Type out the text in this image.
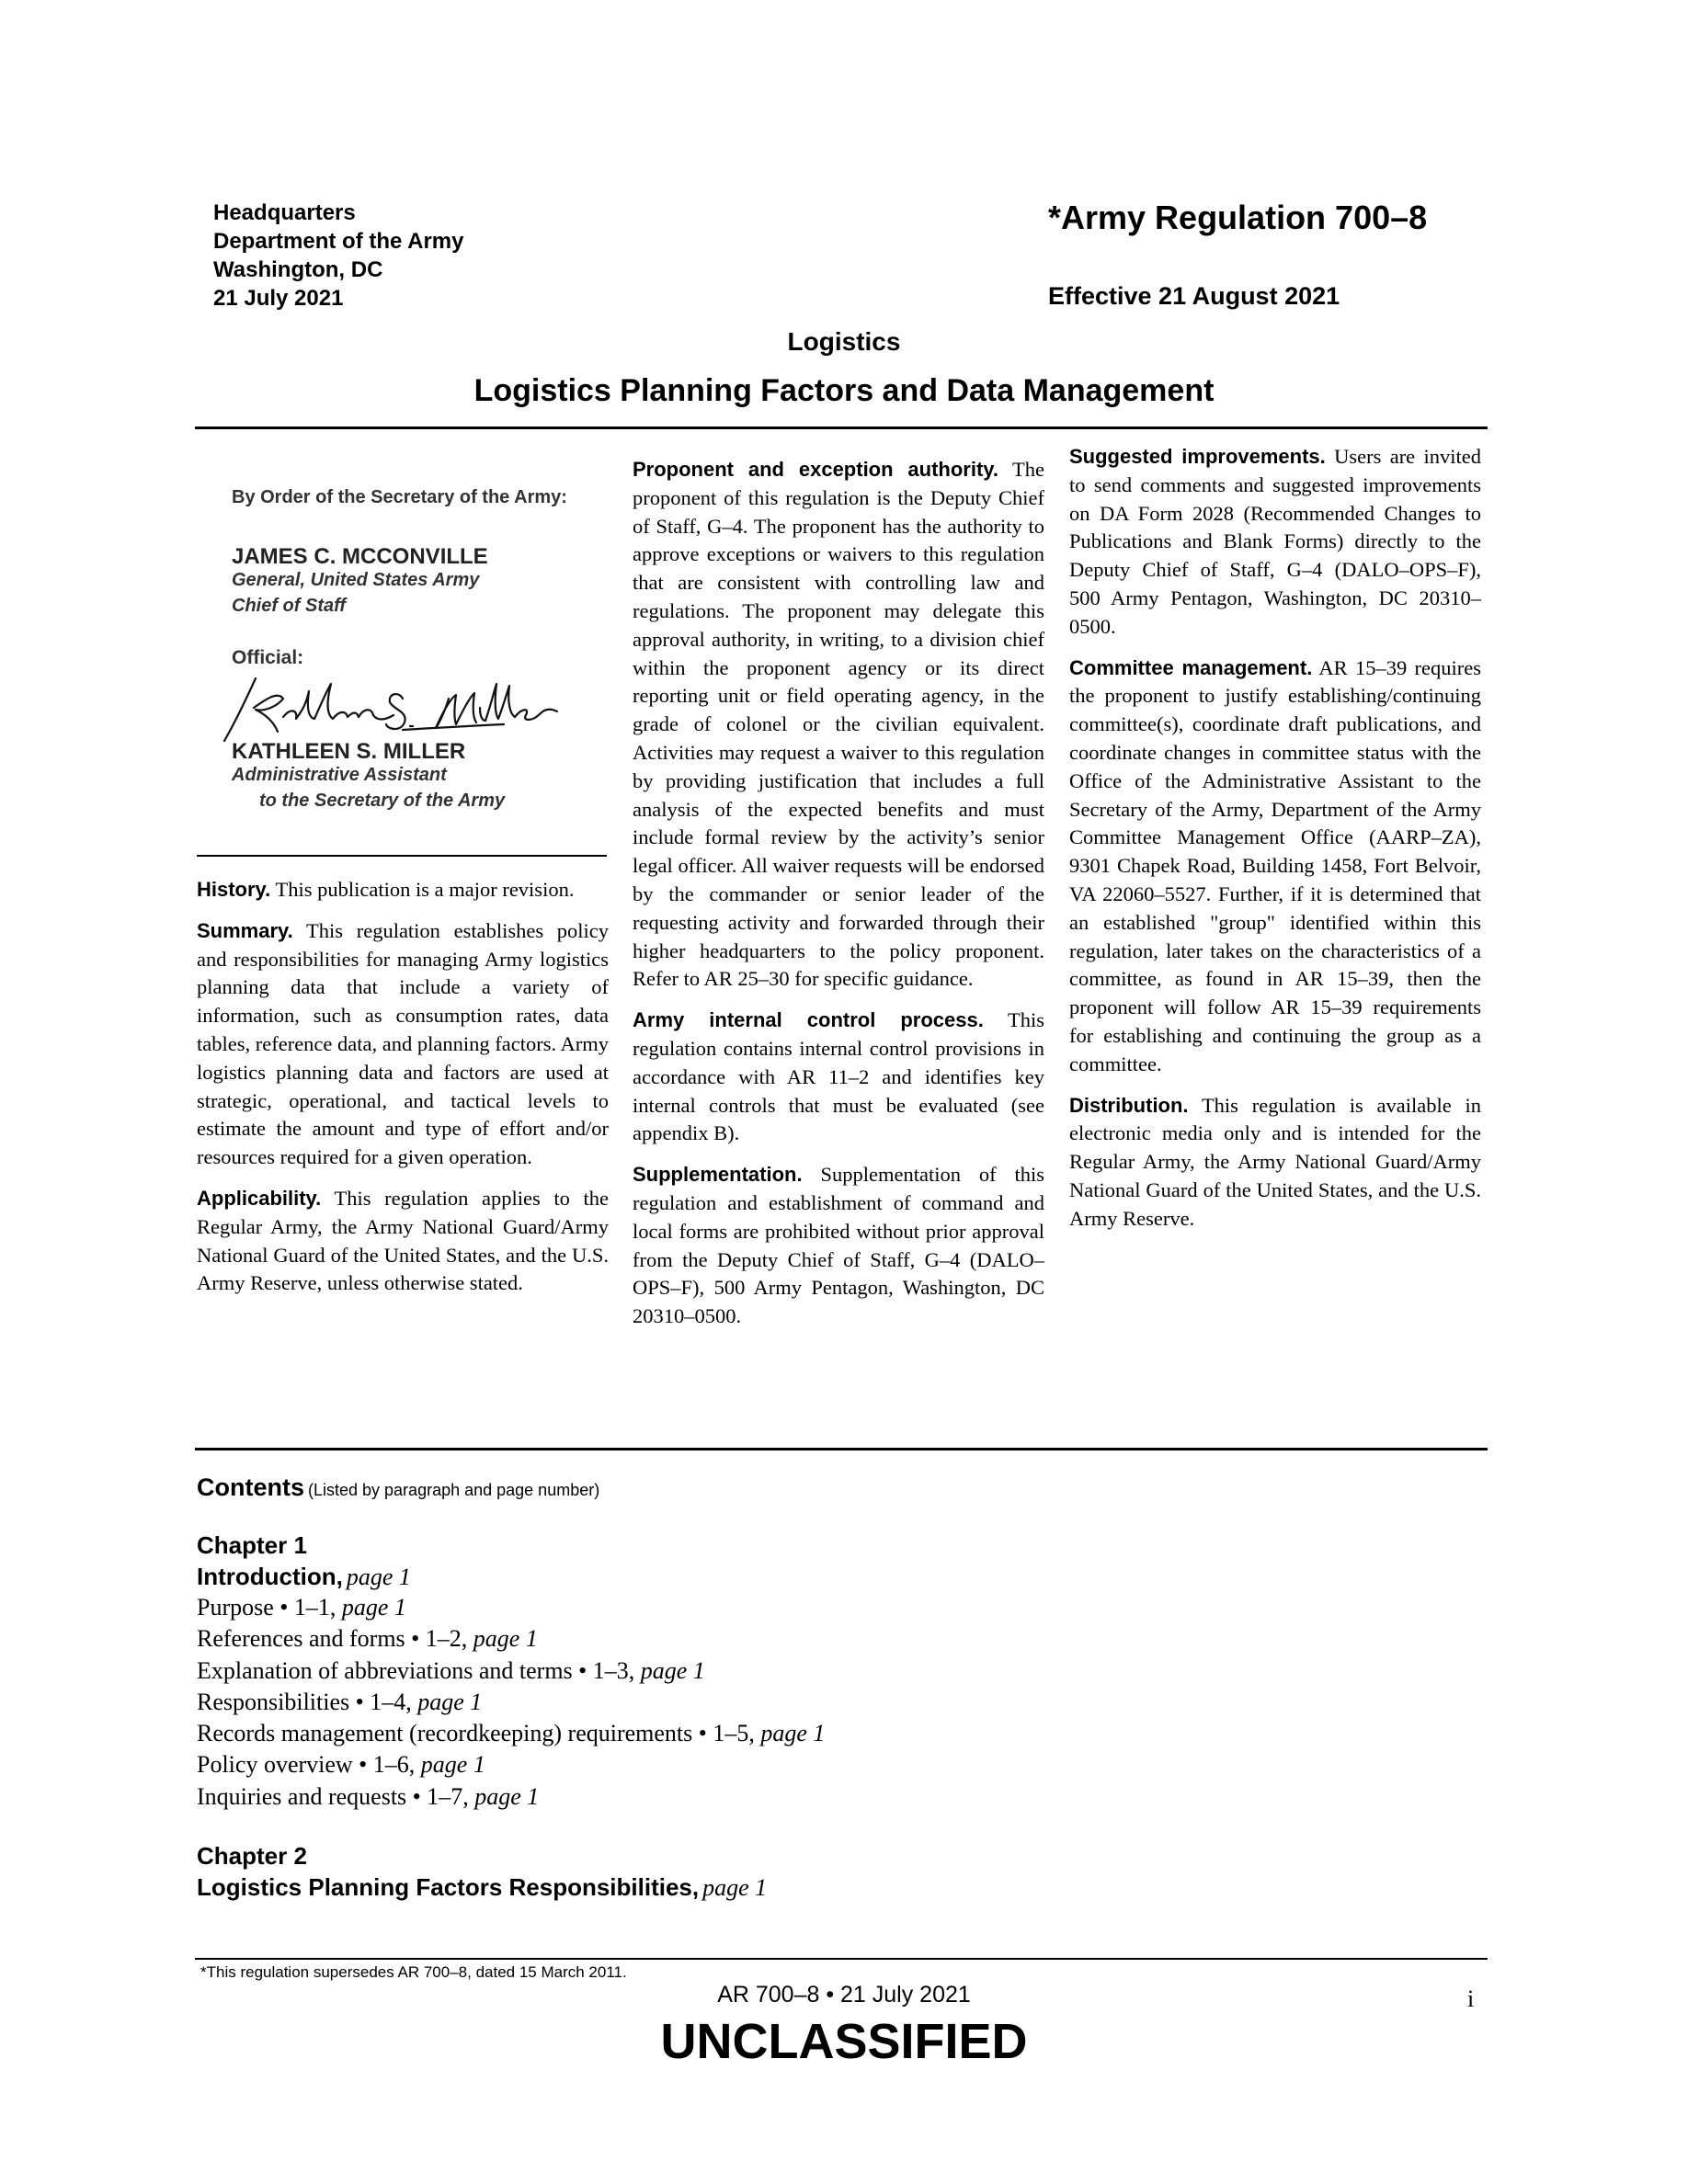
Headquarters
Department of the Army
Washington, DC
21 July 2021
*Army Regulation 700–8
Effective 21 August 2021
Logistics
Logistics Planning Factors and Data Management
By Order of the Secretary of the Army:
JAMES C. MCCONVILLE
General, United States Army
Chief of Staff
Official:
KATHLEEN S. MILLER
Administrative Assistant
to the Secretary of the Army

History. This publication is a major revision.

Summary. This regulation establishes policy and responsibilities for managing Army logistics planning data that include a variety of information, such as consumption rates, data tables, reference data, and planning factors. Army logistics planning data and factors are used at strategic, operational, and tactical levels to estimate the amount and type of effort and/or resources required for a given operation.

Applicability. This regulation applies to the Regular Army, the Army National Guard/Army National Guard of the United States, and the U.S. Army Reserve, unless otherwise stated.

Proponent and exception authority. The proponent of this regulation is the Deputy Chief of Staff, G–4. The proponent has the authority to approve exceptions or waivers to this regulation that are consistent with controlling law and regulations. The proponent may delegate this approval authority, in writing, to a division chief within the proponent agency or its direct reporting unit or field operating agency, in the grade of colonel or the civilian equivalent. Activities may request a waiver to this regulation by providing justification that includes a full analysis of the expected benefits and must include formal review by the activity’s senior legal officer. All waiver requests will be endorsed by the commander or senior leader of the requesting activity and forwarded through their higher headquarters to the policy proponent. Refer to AR 25–30 for specific guidance.

Army internal control process. This regulation contains internal control provisions in accordance with AR 11–2 and identifies key internal controls that must be evaluated (see appendix B).

Supplementation. Supplementation of this regulation and establishment of command and local forms are prohibited without prior approval from the Deputy Chief of Staff, G–4 (DALO–OPS–F), 500 Army Pentagon, Washington, DC 20310–0500.

Suggested improvements. Users are invited to send comments and suggested improvements on DA Form 2028 (Recommended Changes to Publications and Blank Forms) directly to the Deputy Chief of Staff, G–4 (DALO–OPS–F), 500 Army Pentagon, Washington, DC 20310–0500.

Committee management. AR 15–39 requires the proponent to justify establishing/continuing committee(s), coordinate draft publications, and coordinate changes in committee status with the Office of the Administrative Assistant to the Secretary of the Army, Department of the Army Committee Management Office (AARP–ZA), 9301 Chapek Road, Building 1458, Fort Belvoir, VA 22060–5527. Further, if it is determined that an established "group" identified within this regulation, later takes on the characteristics of a committee, as found in AR 15–39, then the proponent will follow AR 15–39 requirements for establishing and continuing the group as a committee.

Distribution. This regulation is available in electronic media only and is intended for the Regular Army, the Army National Guard/Army National Guard of the United States, and the U.S. Army Reserve.

Contents (Listed by paragraph and page number)
Chapter 1
Introduction, page 1
Purpose • 1–1, page 1
References and forms • 1–2, page 1
Explanation of abbreviations and terms • 1–3, page 1
Responsibilities • 1–4, page 1
Records management (recordkeeping) requirements • 1–5, page 1
Policy overview • 1–6, page 1
Inquiries and requests • 1–7, page 1
Chapter 2
Logistics Planning Factors Responsibilities, page 1
*This regulation supersedes AR 700–8, dated 15 March 2011.
AR 700–8 • 21 July 2021	i
UNCLASSIFIED
